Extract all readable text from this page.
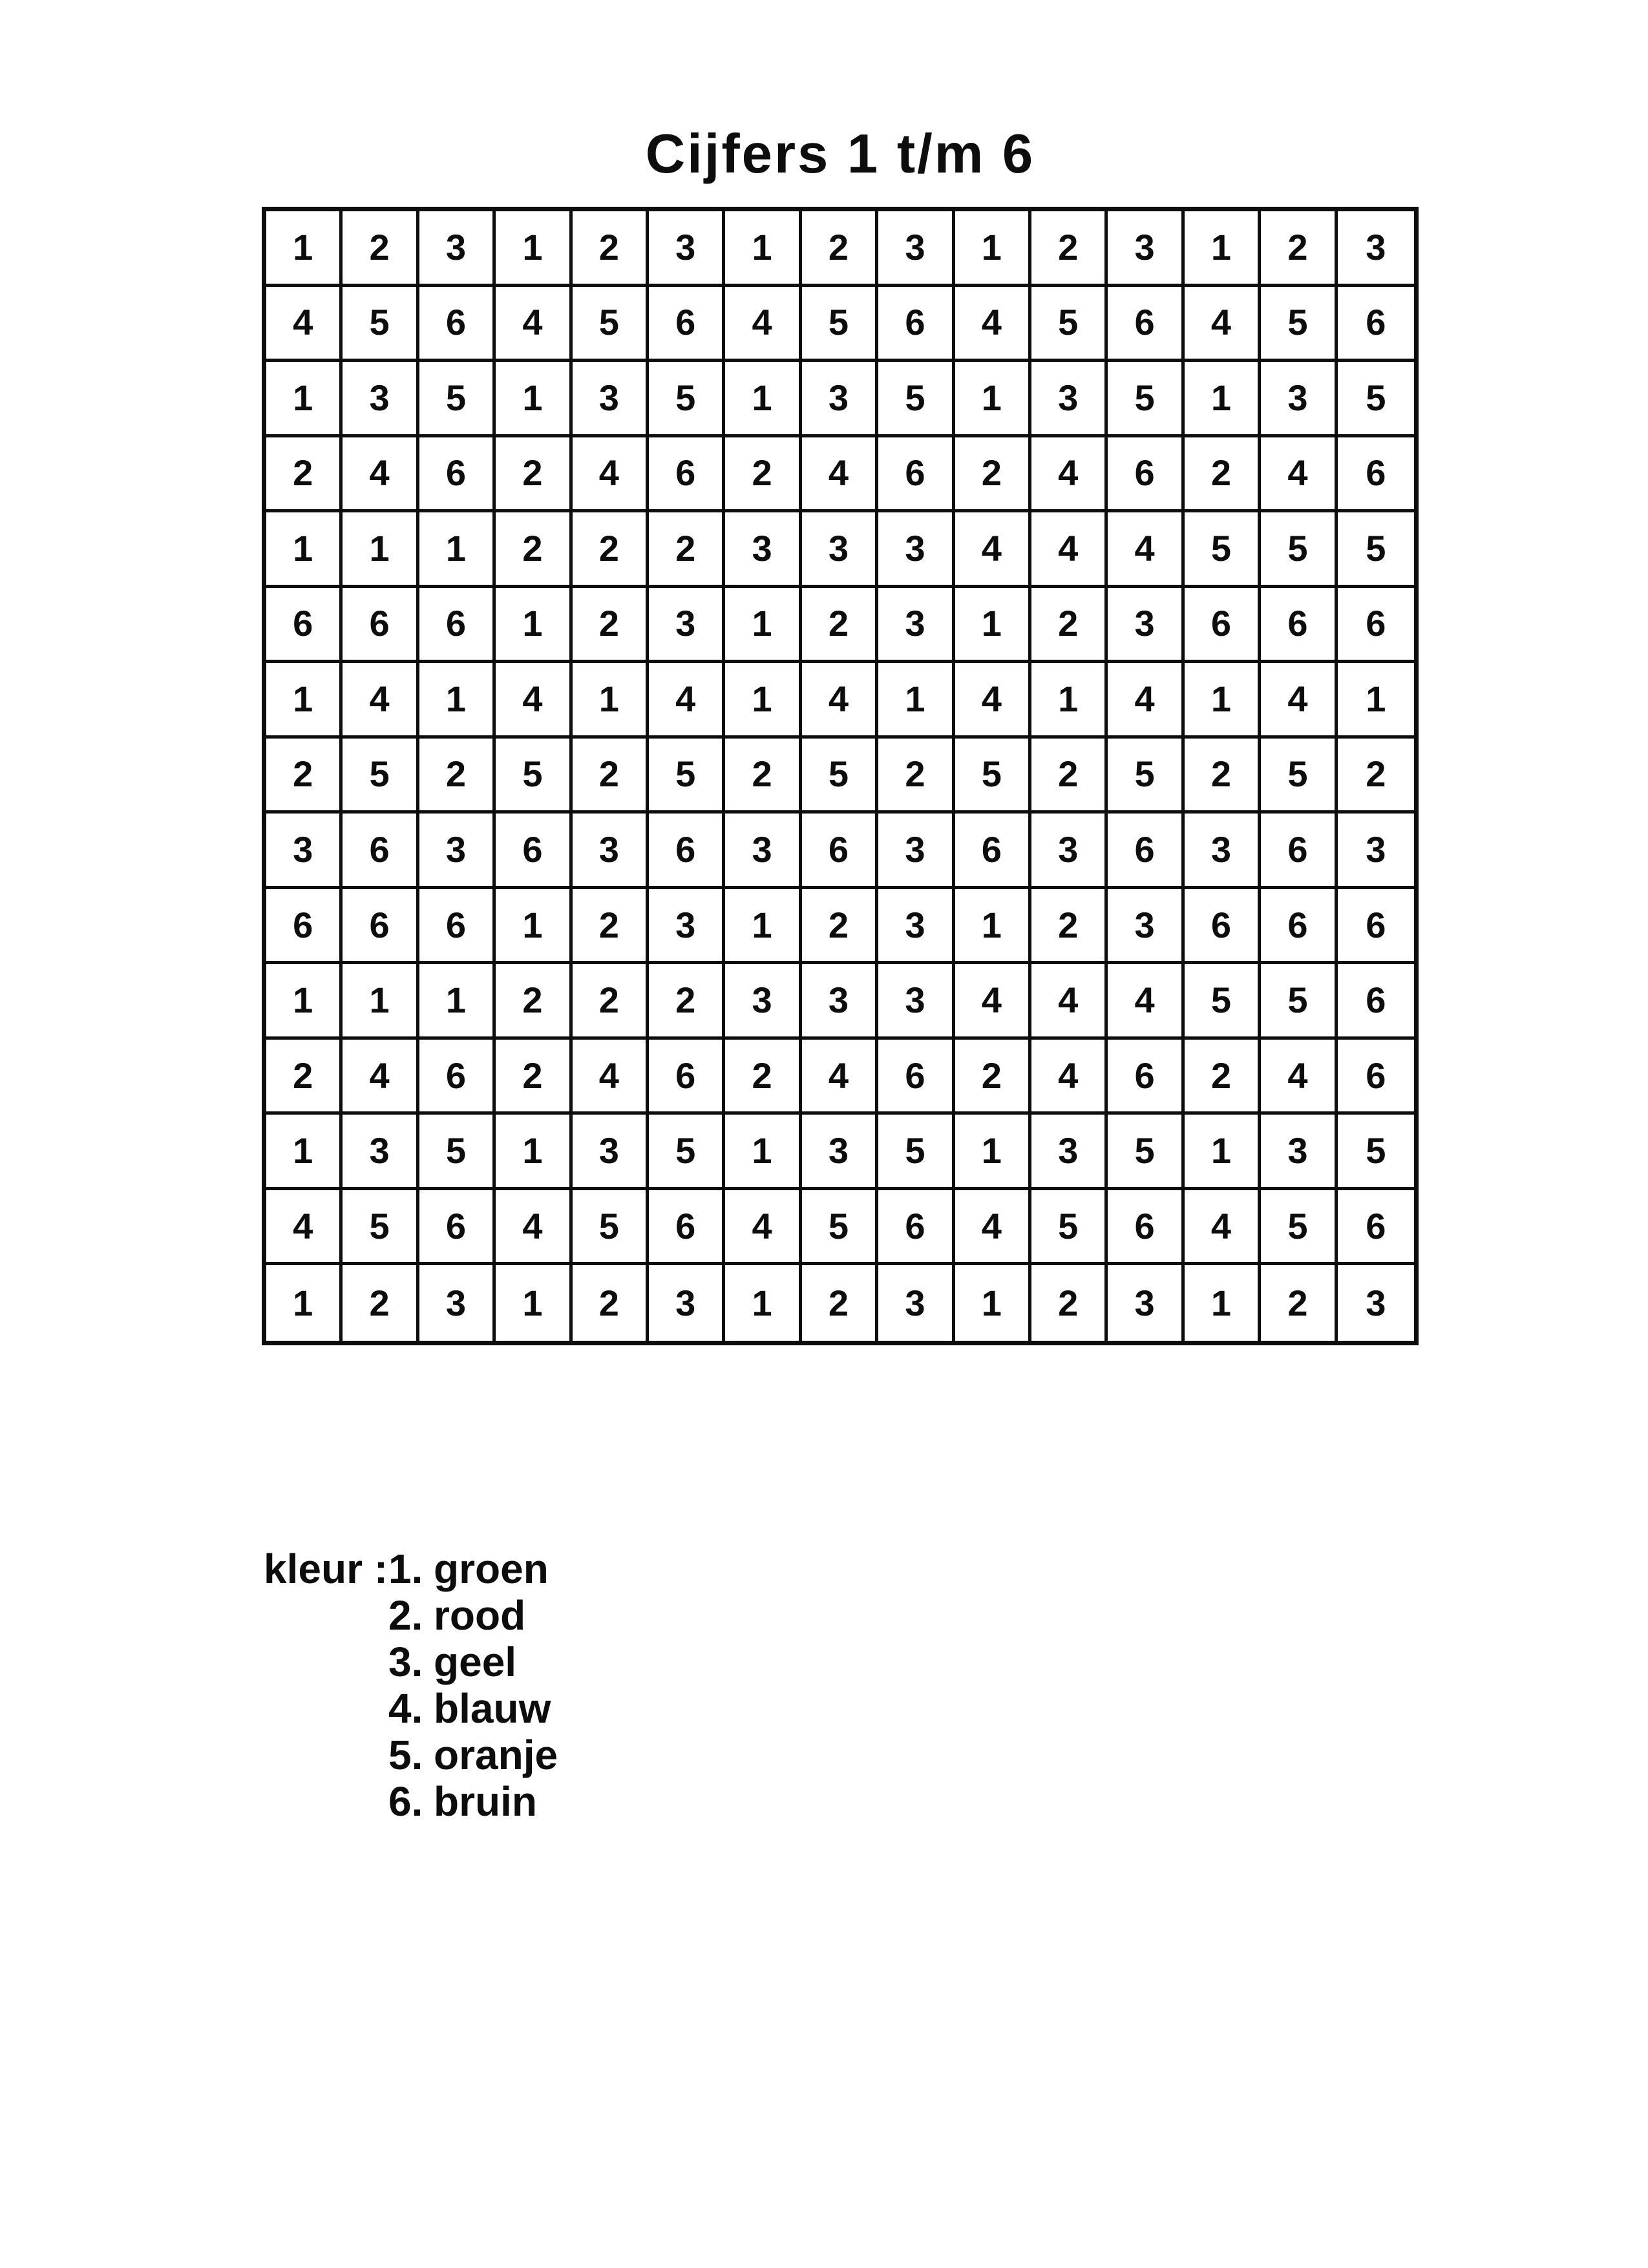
Cijfers 1 t/m 6
1	2	3	1	2	3	1	2	3	1	2	3	1	2	3
4	5	6	4	5	6	4	5	6	4	5	6	4	5	6
1	3	5	1	3	5	1	3	5	1	3	5	1	3	5
2	4	6	2	4	6	2	4	6	2	4	6	2	4	6
1	1	1	2	2	2	3	3	3	4	4	4	5	5	5
6	6	6	1	2	3	1	2	3	1	2	3	6	6	6
1	4	1	4	1	4	1	4	1	4	1	4	1	4	1
2	5	2	5	2	5	2	5	2	5	2	5	2	5	2
3	6	3	6	3	6	3	6	3	6	3	6	3	6	3
6	6	6	1	2	3	1	2	3	1	2	3	6	6	6
1	1	1	2	2	2	3	3	3	4	4	4	5	5	6
2	4	6	2	4	6	2	4	6	2	4	6	2	4	6
1	3	5	1	3	5	1	3	5	1	3	5	1	3	5
4	5	6	4	5	6	4	5	6	4	5	6	4	5	6
1	2	3	1	2	3	1	2	3	1	2	3	1	2	3
kleur : 1. groen
2. rood
3. geel
4. blauw
5. oranje
6. bruin
